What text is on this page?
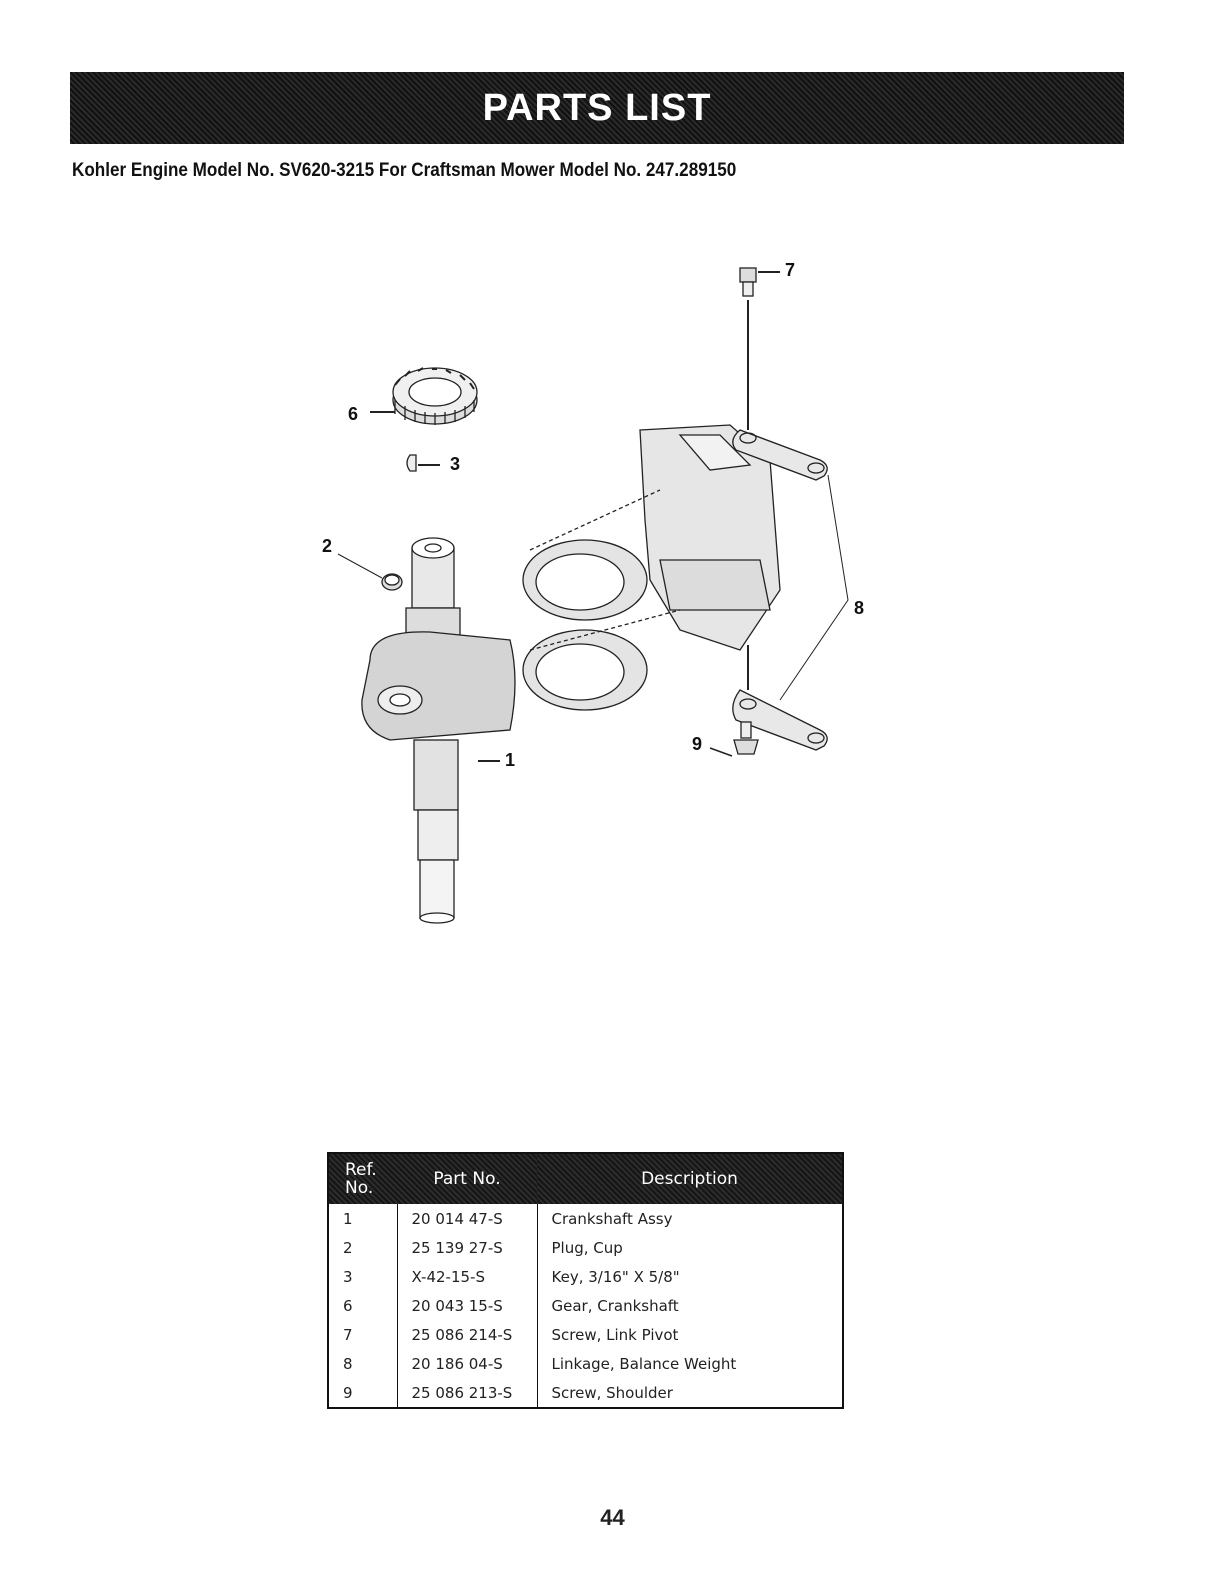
PARTS LIST
Kohler Engine Model No. SV620-3215 For Craftsman Mower Model No. 247.289150
6
3
2
1
7
8
9
Ref.
No.	Part No.	Description
1	20 014 47-S	Crankshaft Assy
2	25 139 27-S	Plug, Cup
3	X-42-15-S	Key, 3/16" X 5/8"
6	20 043 15-S	Gear, Crankshaft
7	25 086 214-S	Screw, Link Pivot
8	20 186 04-S	Linkage, Balance Weight
9	25 086 213-S	Screw, Shoulder
44
